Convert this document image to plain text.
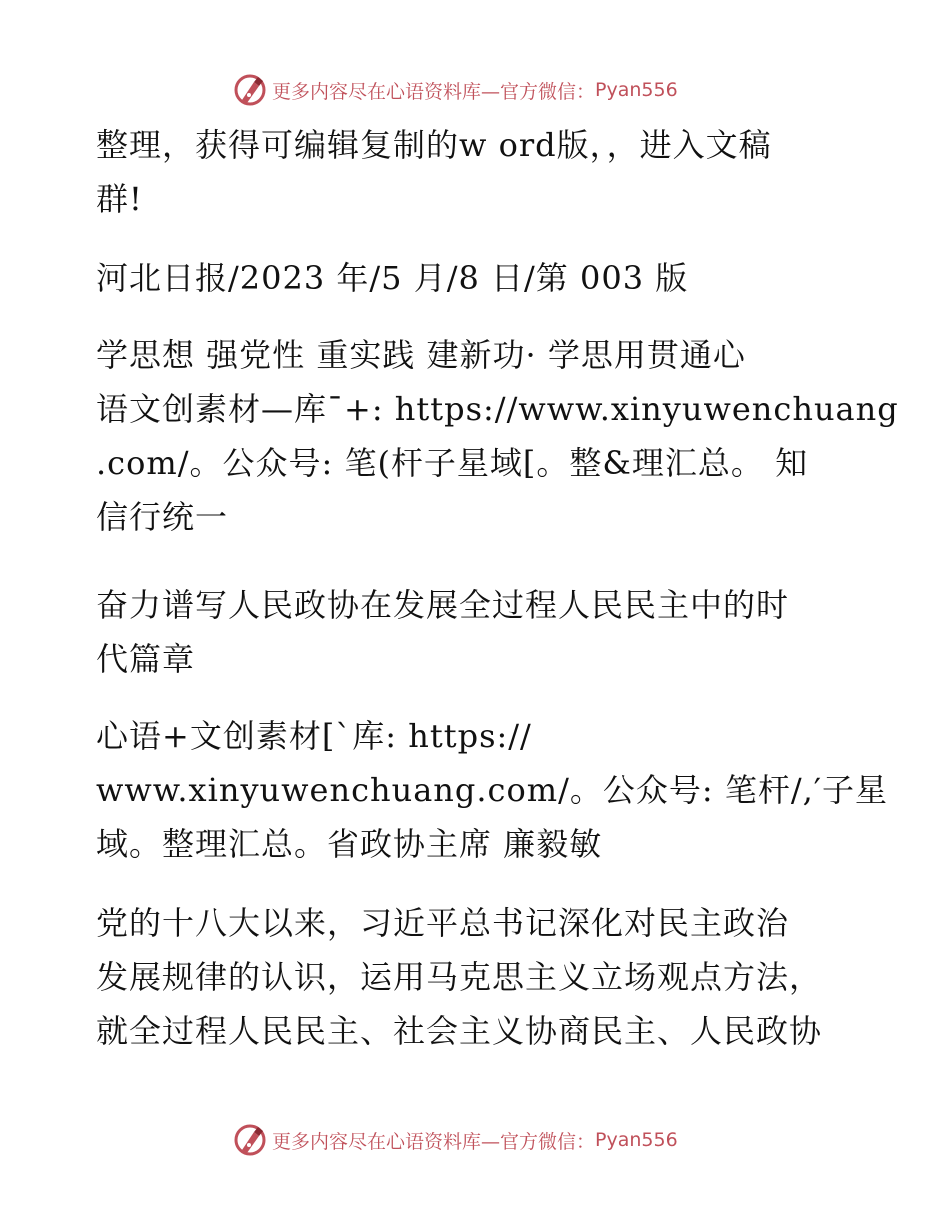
更多内容尽在心语资料库—官方微信： Pyan556
整理，获得可编辑复制的w ord版，，进入文稿
群!
河北日报/2023 年/5 月/8 日/第 003 版
学思想 强党性 重实践 建新功· 学思用贯通心
语文创素材—库¯+: https://www.xinyuwenchuang
.com/。公众号: 笔(杆子星域[。整&理汇总。 知
信行统一
奋力谱写人民政协在发展全过程人民民主中的时
代篇章
心语+文创素材[`库: https://
www.xinyuwenchuang.com/。公众号: 笔杆/,′子星
域。整理汇总。省政协主席 廉毅敏
党的十八大以来，习近平总书记深化对民主政治
发展规律的认识，运用马克思主义立场观点方法，
就全过程人民民主、社会主义协商民主、人民政协
更多内容尽在心语资料库—官方微信： Pyan556
